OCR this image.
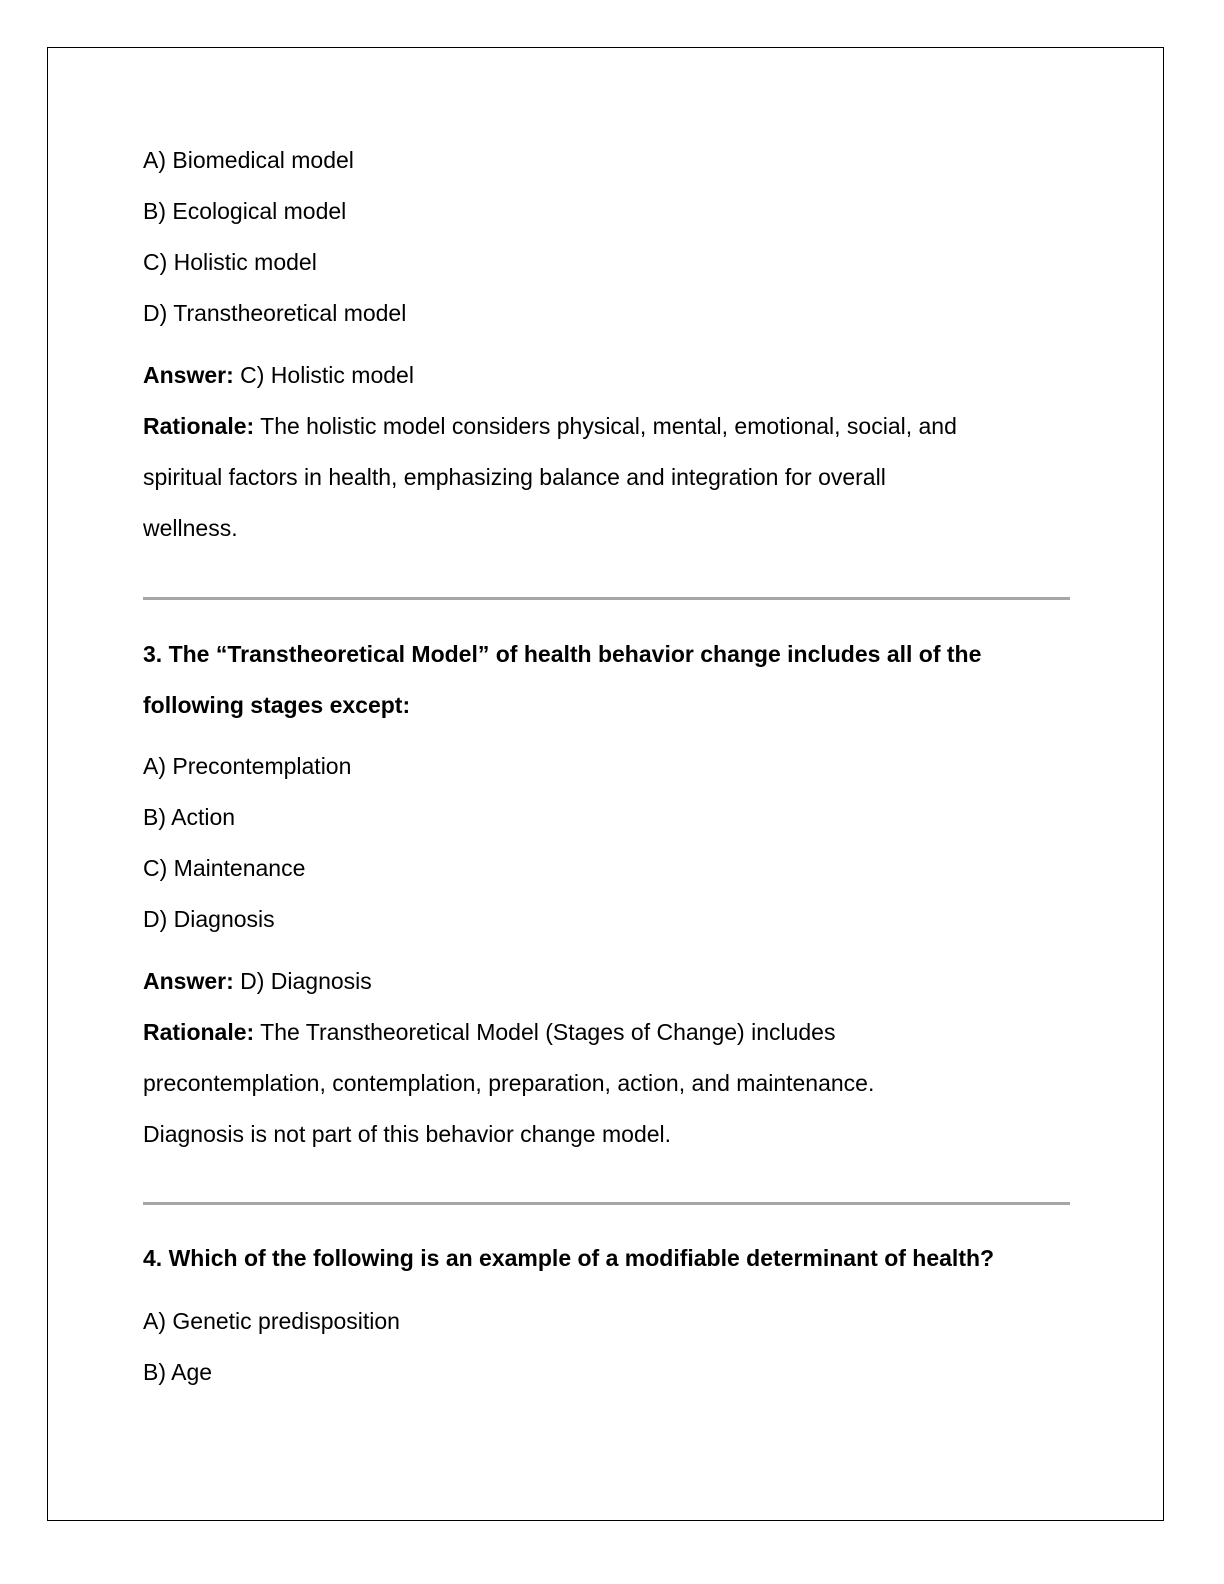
A) Biomedical model

B) Ecological model

C) Holistic model

D) Transtheoretical model

Answer: C) Holistic model

Rationale: The holistic model considers physical, mental, emotional, social, and

spiritual factors in health, emphasizing balance and integration for overall

wellness.

3. The “Transtheoretical Model” of health behavior change includes all of the

following stages except:

A) Precontemplation

B) Action

C) Maintenance

D) Diagnosis

Answer: D) Diagnosis

Rationale: The Transtheoretical Model (Stages of Change) includes

precontemplation, contemplation, preparation, action, and maintenance.

Diagnosis is not part of this behavior change model.

4. Which of the following is an example of a modifiable determinant of health?

A) Genetic predisposition

B) Age
